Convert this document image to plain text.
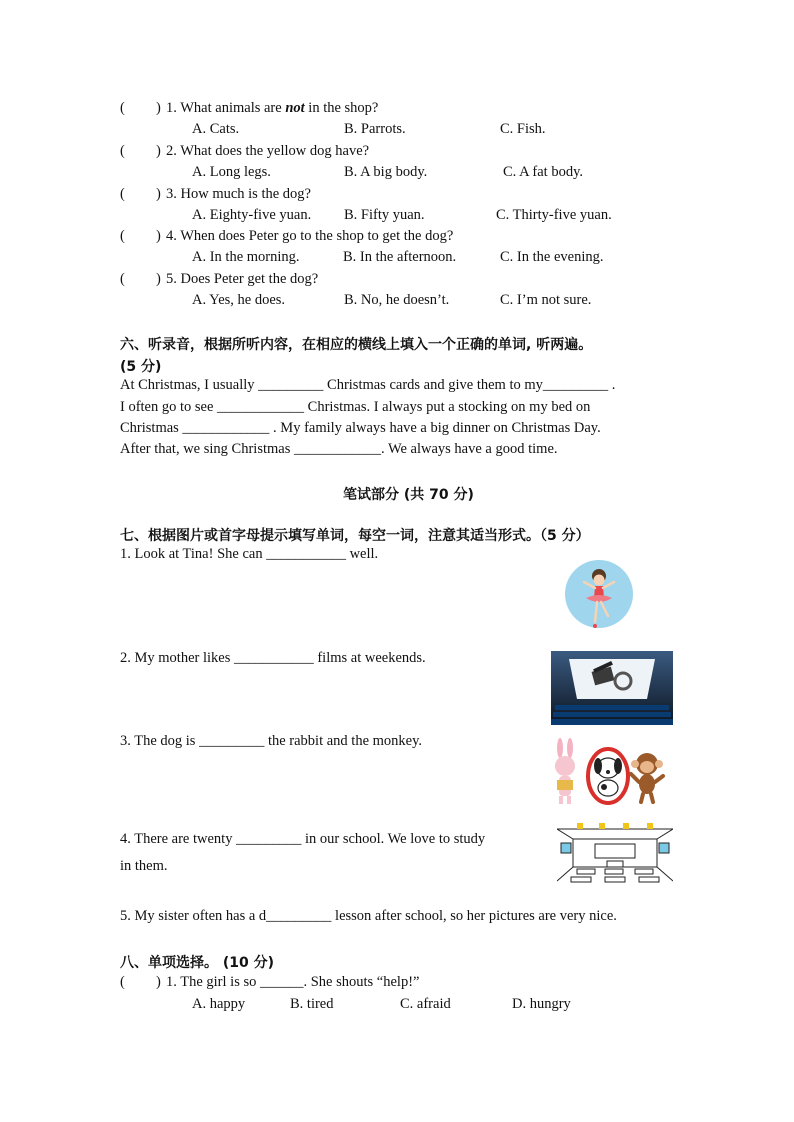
( ) 1. What animals are not in the shop?
A. Cats.	B. Parrots.	C. Fish.
( ) 2. What does the yellow dog have?
A. Long legs.	B. A big body.	C. A fat body.
( ) 3. How much is the dog?
A. Eighty-five yuan. B. Fifty yuan.	C. Thirty-five yuan.
( ) 4. When does Peter go to the shop to get the dog?
A. In the morning.	B. In the afternoon.	C. In the evening.
( ) 5. Does Peter get the dog?
A. Yes, he does.	B. No, he doesn’t.	C. I’m not sure.
六、听录音，根据所听内容，在相应的横线上填入一个正确的单词, 听两遍。
(5 分)
At Christmas, I usually _________ Christmas cards and give them to my_________ .
I often go to see ____________ Christmas. I always put a stocking on my bed on
Christmas ____________ . My family always have a big dinner on Christmas Day.
After that, we sing Christmas ____________. We always have a good time.
笔试部分 (共 70 分)
七、根据图片或首字母提示填写单词，每空一词，注意其适当形式。（5 分）
1. Look at Tina! She can ___________ well.
2. My mother likes ___________ films at weekends.
3. The dog is _________ the rabbit and the monkey.
4. There are twenty _________ in our school. We love to study
in them.
5. My sister often has a d_________ lesson after school, so her pictures are very nice.
八、单项选择。 (10 分)
( ) 1. The girl is so ______. She shouts “help!”
A. happy	B. tired	C. afraid	D. hungry
